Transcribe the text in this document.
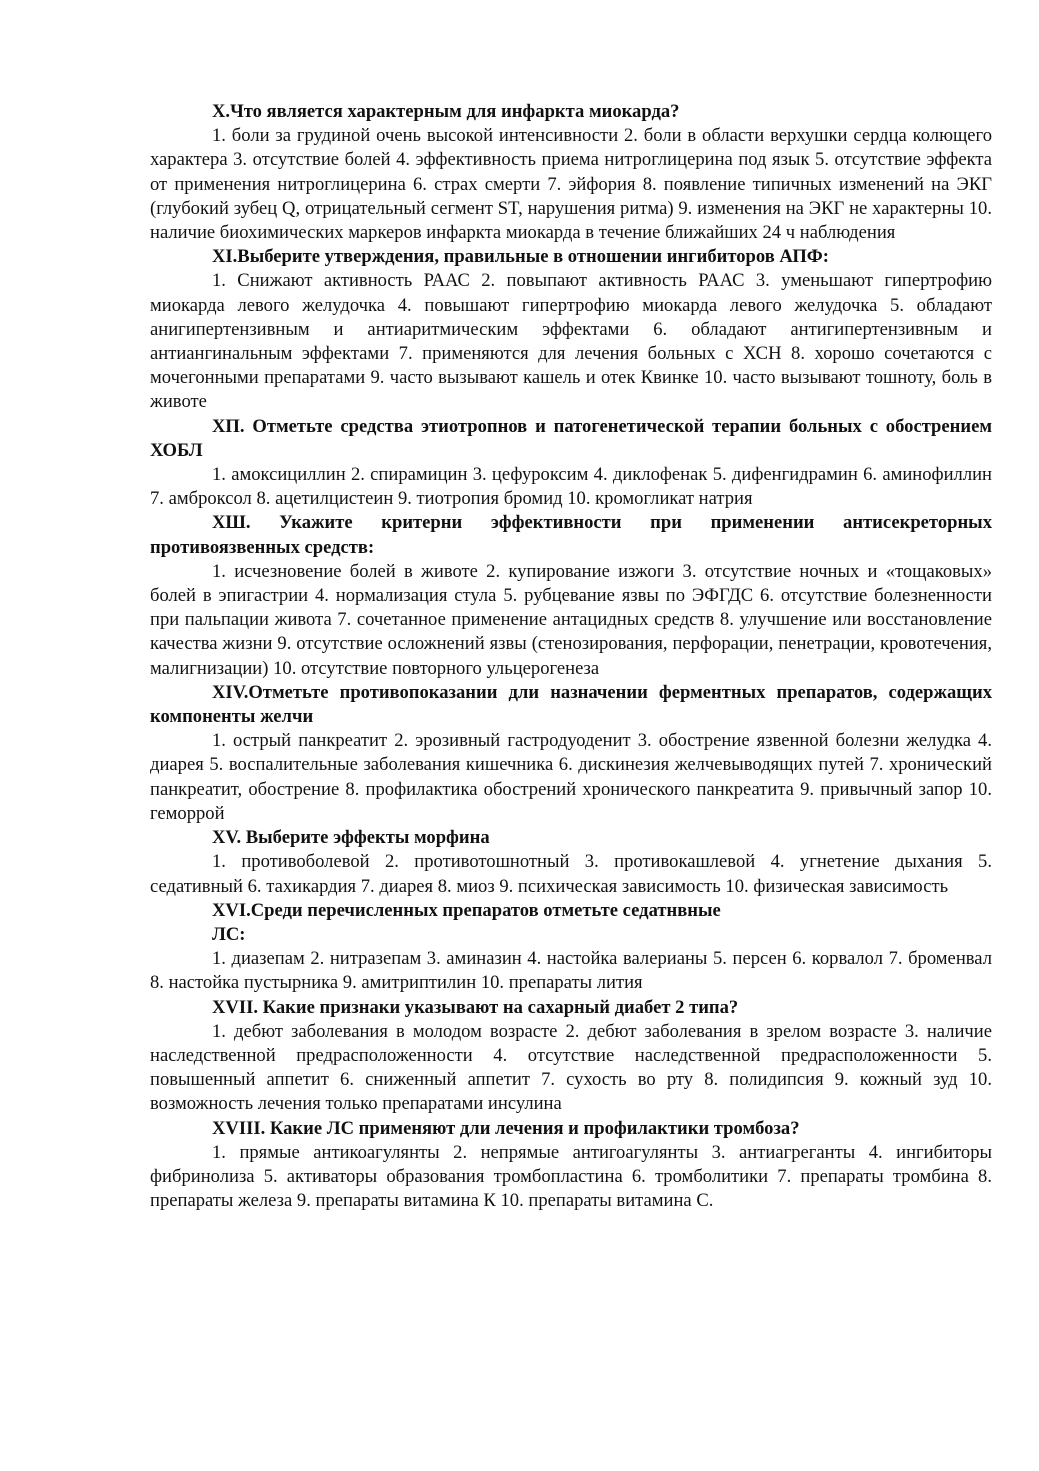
X.Что является характерным для инфаркта миокарда?

1. боли за грудиной очень высокой интенсивности 2. боли в области верхушки сердца колющего характера 3. отсутствие болей 4. эффективность приема нитроглицерина под язык 5. отсутствие эффекта от применения нитроглицерина 6. страх смерти 7. эйфория 8. появление типичных изменений на ЭКГ (глубокий зубец Q, отрицательный сегмент ST, нарушения ритма) 9. изменения на ЭКГ не характерны 10. наличие биохимических маркеров инфаркта миокарда в течение ближайших 24 ч наблюдения

XI.Выберите утверждения, правильные в отношении ингибиторов АПФ:

1. Снижают активность РААС 2. повыпают активность РААС 3. уменьшают гипертрофию миокарда левого желудочка 4. повышают гипертрофию миокарда левого желудочка 5. обладают анигипертензивным и антиаритмическим эффектами 6. обладают антигипертензивным и антиангинальным эффектами 7. применяются для лечения больных с ХСН 8. хорошо сочетаются с мочегонными препаратами 9. часто вызывают кашель и отек Квинке 10. часто вызывают тошноту, боль в животе

XП. Отметьте средства этиотропнов и патогенетической терапии больных с обострением ХОБЛ

1. амоксициллин 2. спирамицин 3. цефуроксим 4. диклофенак 5. дифенгидрамин 6. аминофиллин 7. амброксол 8. ацетилцистеин 9. тиотропия бромид 10. кромогликат натрия

XШ. Укажите критерни эффективности при применении антисекреторных противоязвенных средств:

1. исчезновение болей в животе 2. купирование изжоги 3. отсутствие ночных и «тощаковых» болей в эпигастрии 4. нормализация стула 5. рубцевание язвы по ЭФГДС 6. отсутствие болезненности при пальпации живота 7. сочетанное применение антацидных средств 8. улучшение или восстановление качества жизни 9. отсутствие осложнений язвы (стенозирования, перфорации, пенетрации, кровотечения, малигнизации) 10. отсутствие повторного ульцерогенеза

XIV.Отметьте противопоказании дли назначении ферментных препаратов, содержащих компоненты желчи

1. острый панкреатит 2. эрозивный гастродуоденит 3. обострение язвенной болезни желудка 4. диарея 5. воспалительные заболевания кишечника 6. дискинезия желчевыводящих путей 7. хронический панкреатит, обострение 8. профилактика обострений хронического панкреатита 9. привычный запор 10. геморрой

XV. Выберите эффекты морфина

1. противоболевой 2. противотошнотный 3. противокашлевой 4. угнетение дыхания 5. седативный 6. тахикардия 7. диарея 8. миоз 9. психическая зависимость 10. физическая зависимость

XVI.Среди перечисленных препаратов отметьте седатнвные

ЛС:

1. диазепам 2. нитразепам 3. аминазин 4. настойка валерианы 5. персен 6. корвалол 7. броменвал 8. настойка пустырника 9. амитриптилин 10. препараты лития

XVII. Какие признаки указывают на сахарный диабет 2 типа?

1. дебют заболевания в молодом возрасте 2. дебют заболевания в зрелом возрасте 3. наличие наследственной предрасположенности 4. отсутствие наследственной предрасположенности 5. повышенный аппетит 6. сниженный аппетит 7. сухость во рту 8. полидипсия 9. кожный зуд 10. возможность лечения только препаратами инсулина

XVIII. Какие ЛС применяют дли лечения и профилактики тромбоза?

1. прямые антикоагулянты 2. непрямые антигоагулянты 3. антиагреганты 4. ингибиторы фибринолиза 5. активаторы образования тромбопластина 6. тромболитики 7. препараты тромбина 8. препараты железа 9. препараты витамина К 10. препараты витамина С.
